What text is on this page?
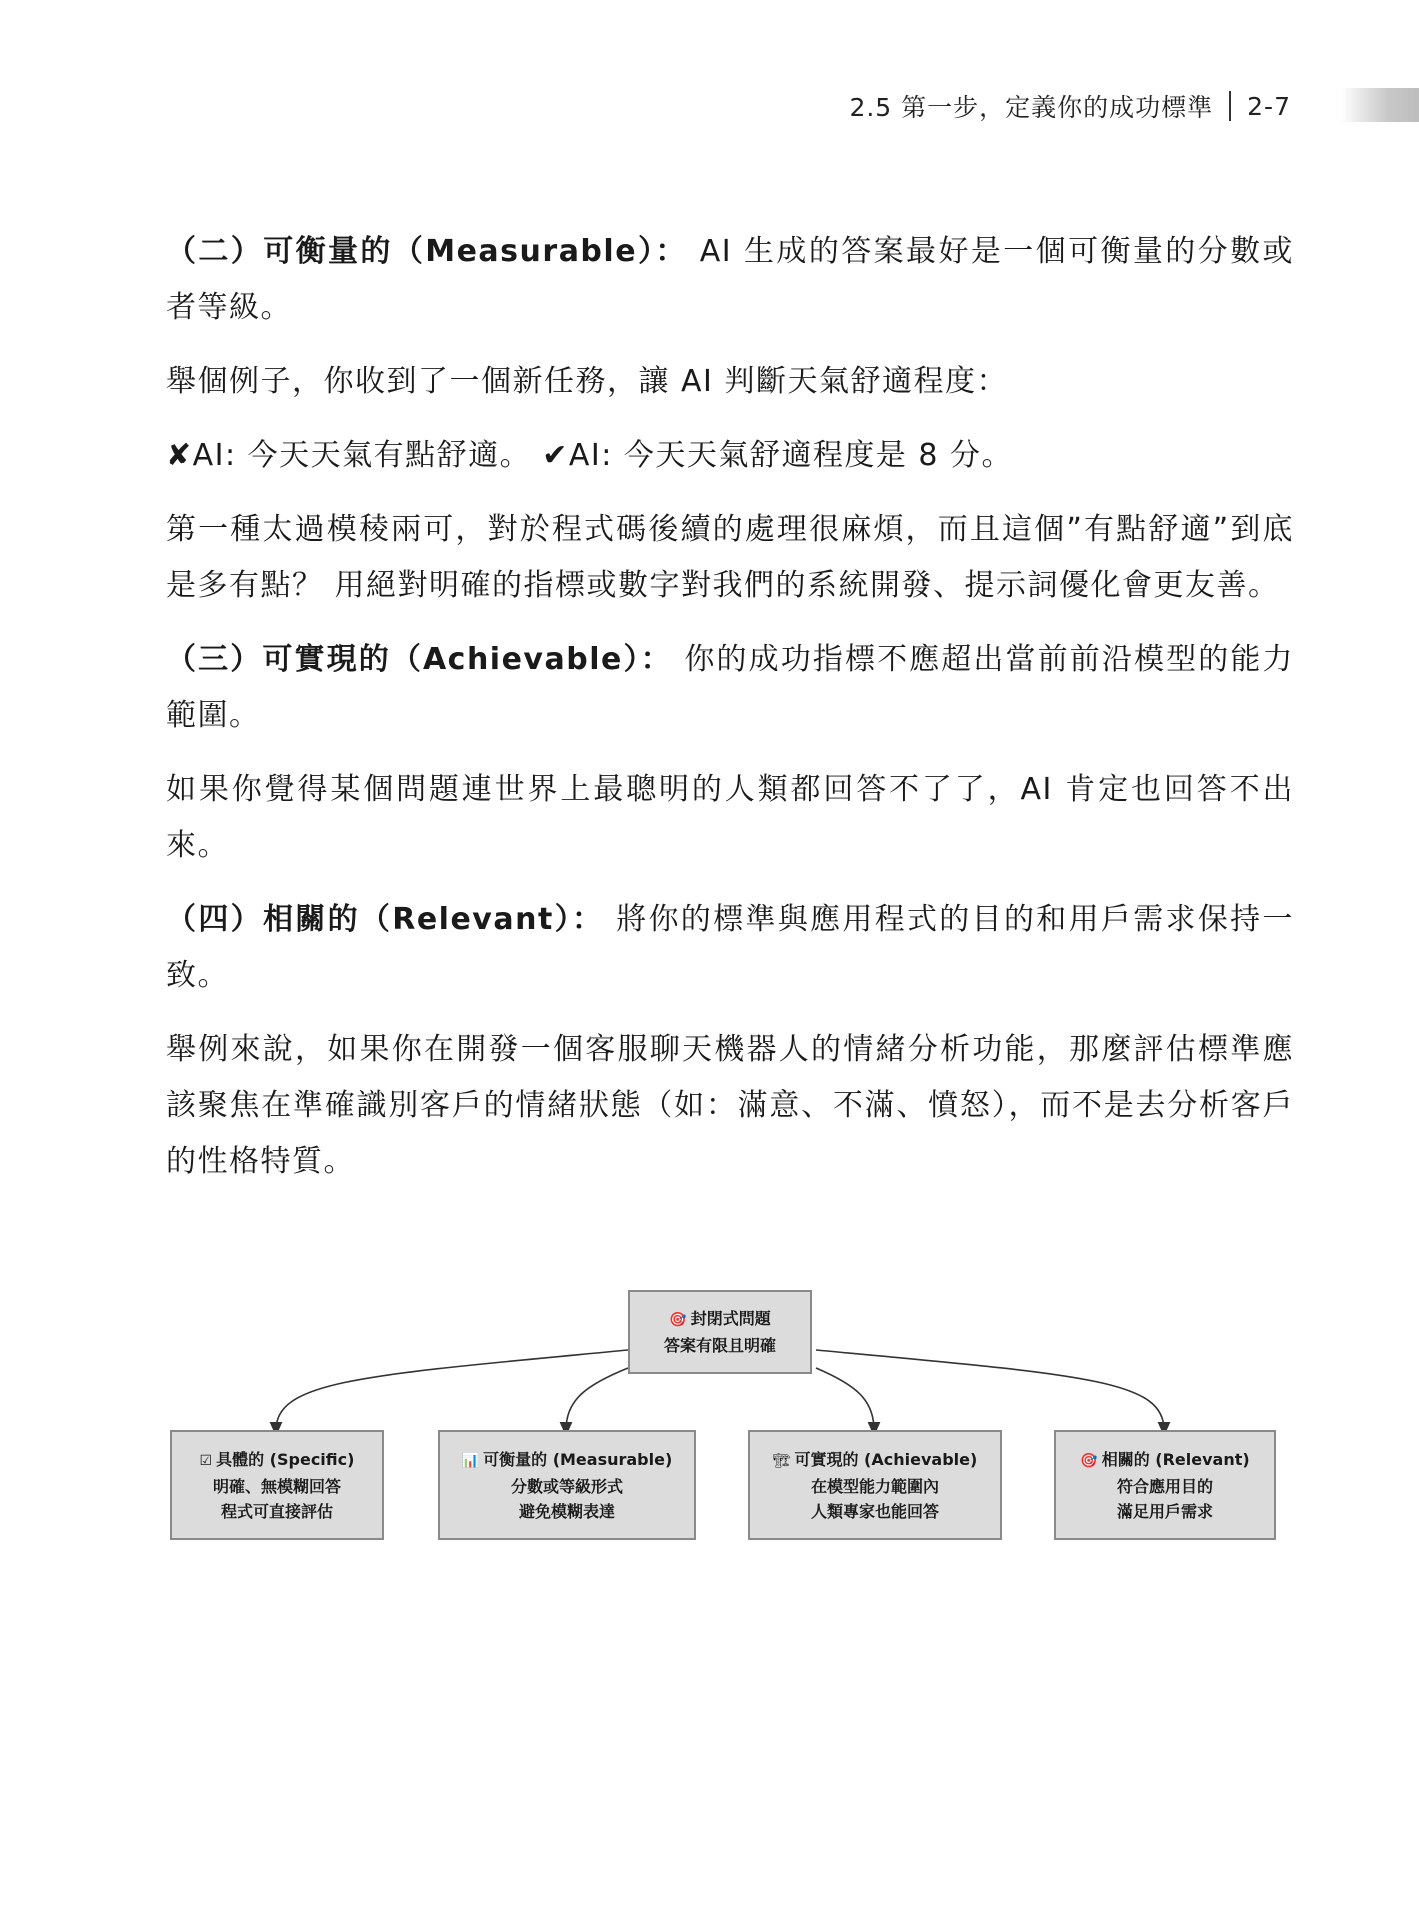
2.5 第一步，定義你的成功標準 2-7

（二）可衡量的（Measurable）： AI 生成的答案最好是一個可衡量的分數或者等級。

舉個例子，你收到了一個新任務，讓 AI 判斷天氣舒適程度：

✘AI: 今天天氣有點舒適。 ✔AI: 今天天氣舒適程度是 8 分。

第一種太過模稜兩可，對於程式碼後續的處理很麻煩，而且這個”有點舒適”到底是多有點？ 用絕對明確的指標或數字對我們的系統開發、提示詞優化會更友善。

（三）可實現的（Achievable）： 你的成功指標不應超出當前前沿模型的能力範圍。

如果你覺得某個問題連世界上最聰明的人類都回答不了了，AI 肯定也回答不出來。

（四）相關的（Relevant）： 將你的標準與應用程式的目的和用戶需求保持一致。

舉例來說，如果你在開發一個客服聊天機器人的情緒分析功能，那麼評估標準應該聚焦在準確識別客戶的情緒狀態（如：滿意、不滿、憤怒），而不是去分析客戶的性格特質。

🎯 封閉式問題
答案有限且明確
☑ 具體的 (Specific)
明確、無模糊回答
程式可直接評估
📊 可衡量的 (Measurable)
分數或等級形式
避免模糊表達
🏗 可實現的 (Achievable)
在模型能力範圍內
人類專家也能回答
🎯 相關的 (Relevant)
符合應用目的
滿足用戶需求
